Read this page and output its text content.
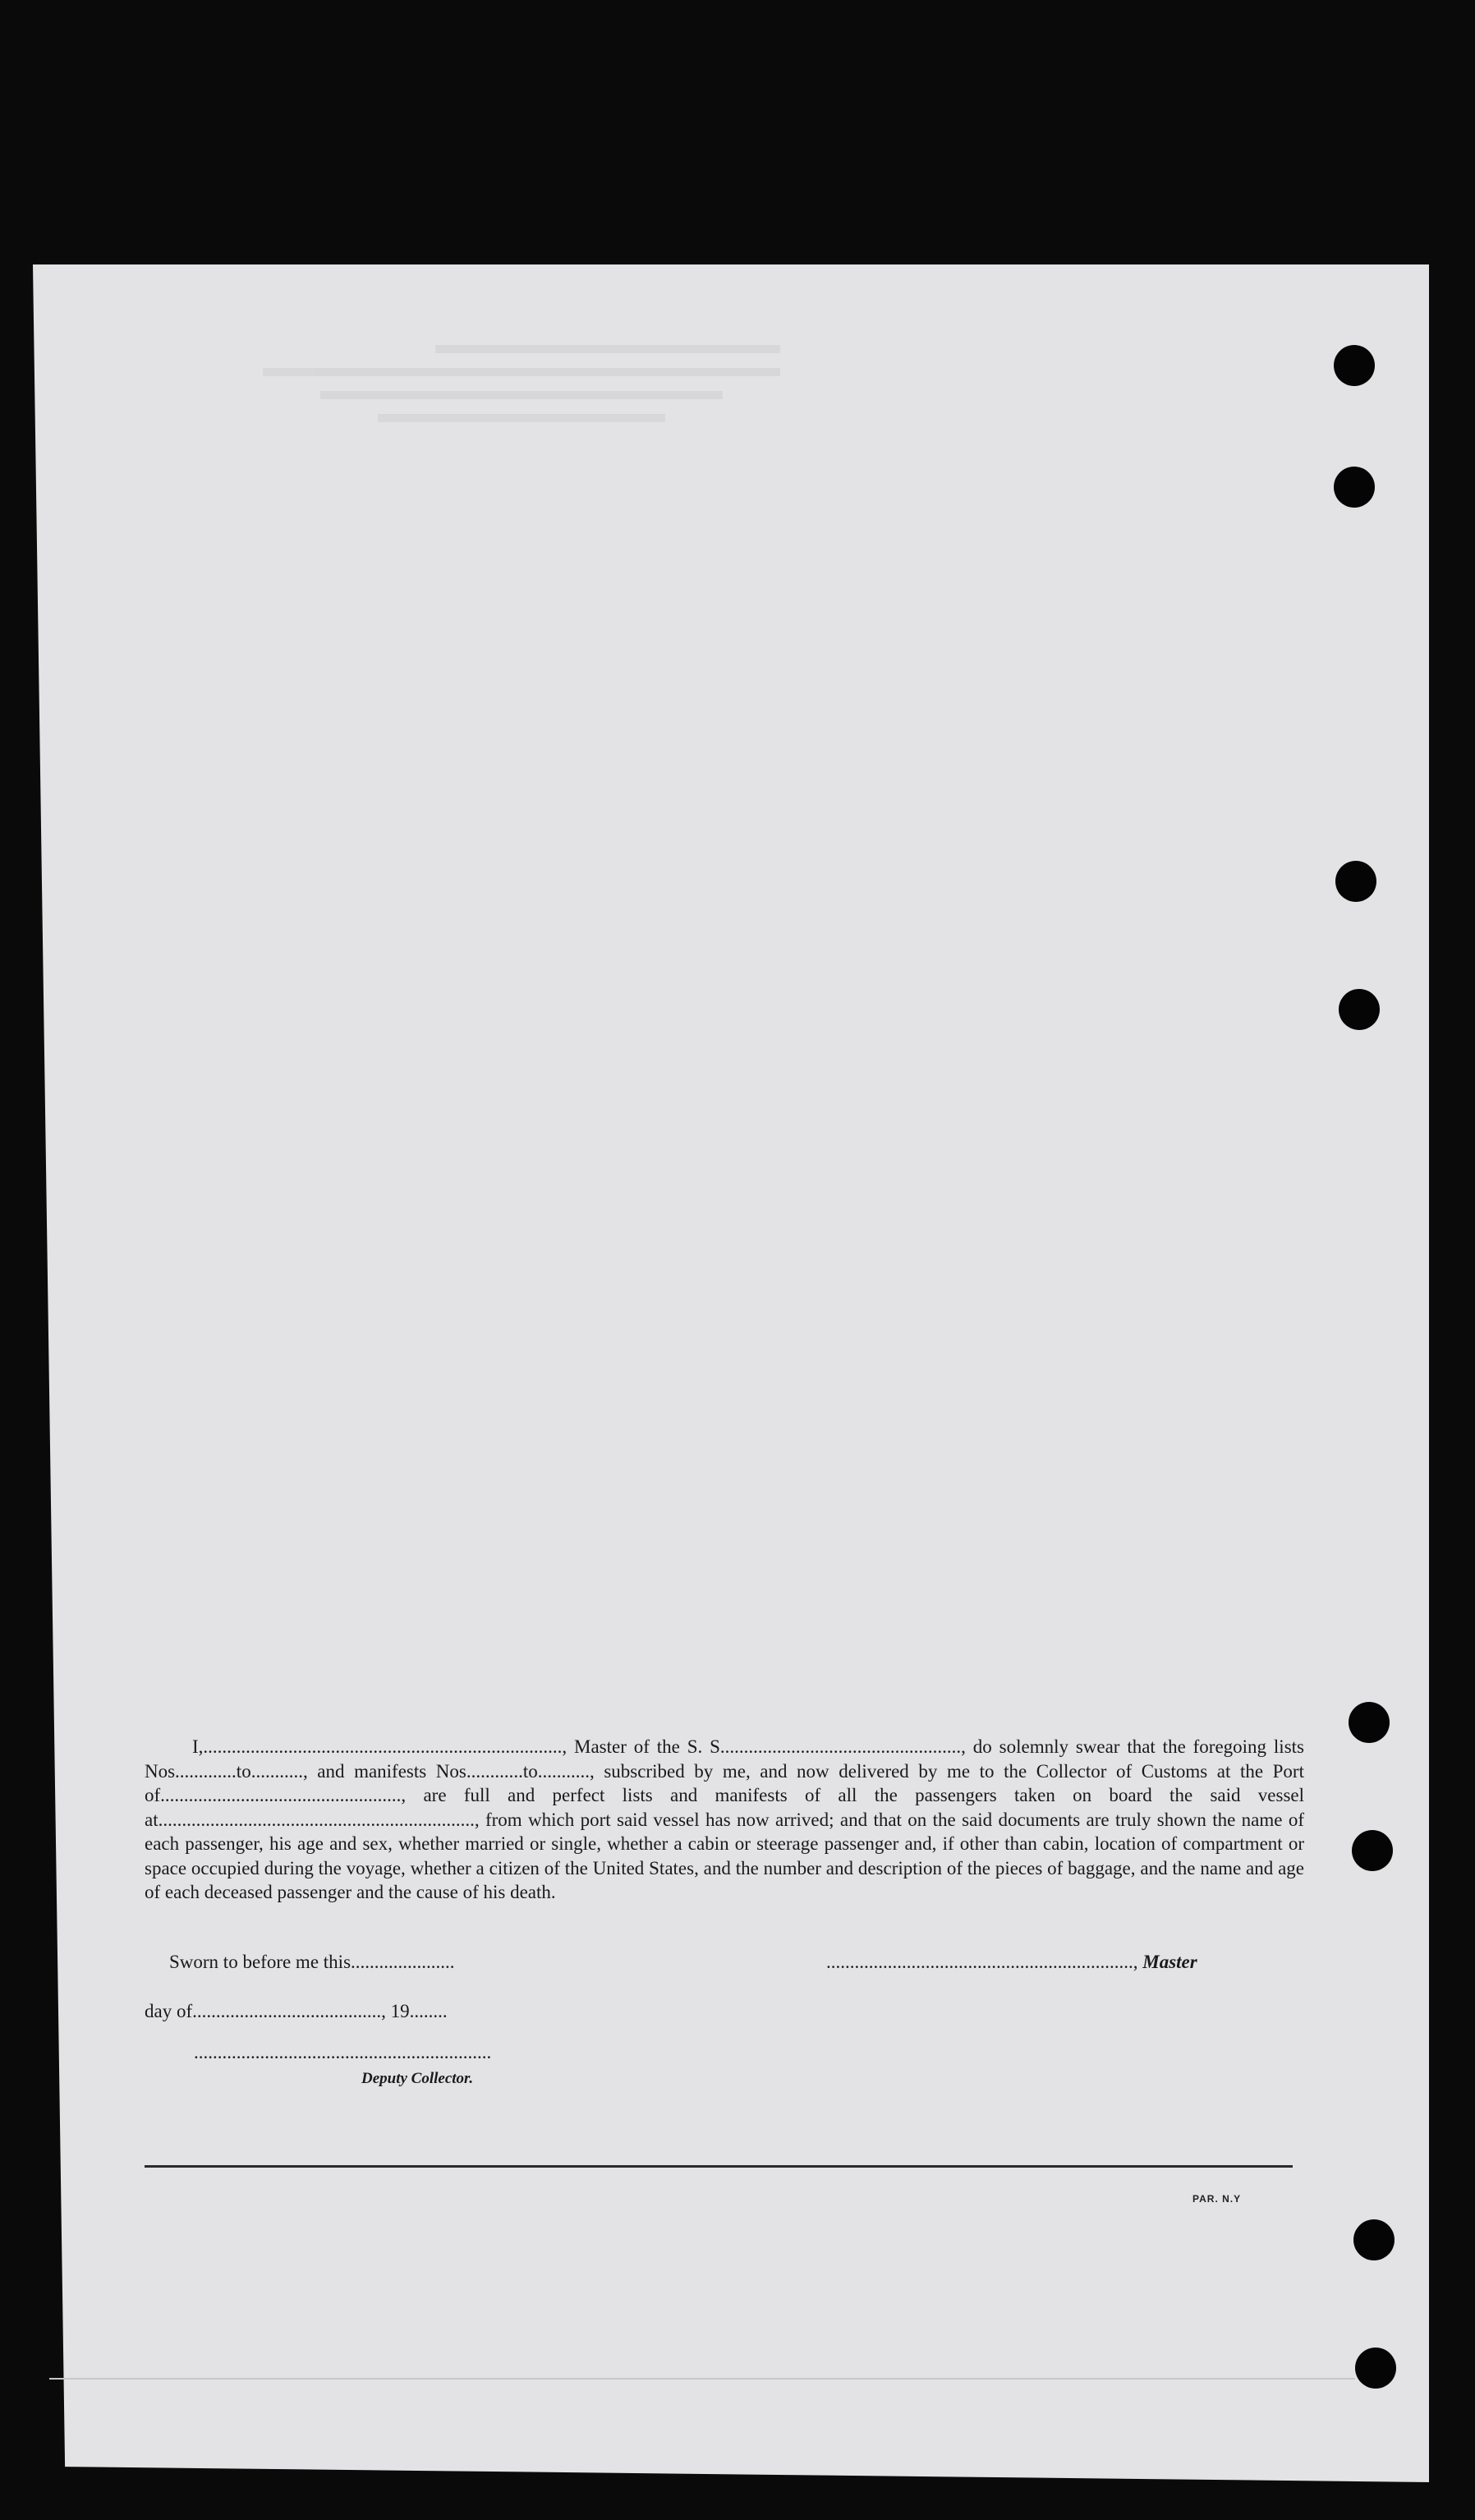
I,............................................................................, Master of the S. S..................................................., do solemnly swear that the foregoing lists Nos.............to..........., and manifests Nos............to..........., subscribed by me, and now delivered by me to the Collector of Customs at the Port of..................................................., are full and perfect lists and manifests of all the passengers taken on board the said vessel at..................................................................., from which port said vessel has now arrived; and that on the said documents are truly shown the name of each passenger, his age and sex, whether married or single, whether a cabin or steerage passenger and, if other than cabin, location of compartment or space occupied during the voyage, whether a citizen of the United States, and the number and description of the pieces of baggage, and the name and age of each deceased passenger and the cause of his death.

Sworn to before me this......................	................................................................., Master
day of........................................, 19........
...............................................................
Deputy Collector.
PAR. N.Y
